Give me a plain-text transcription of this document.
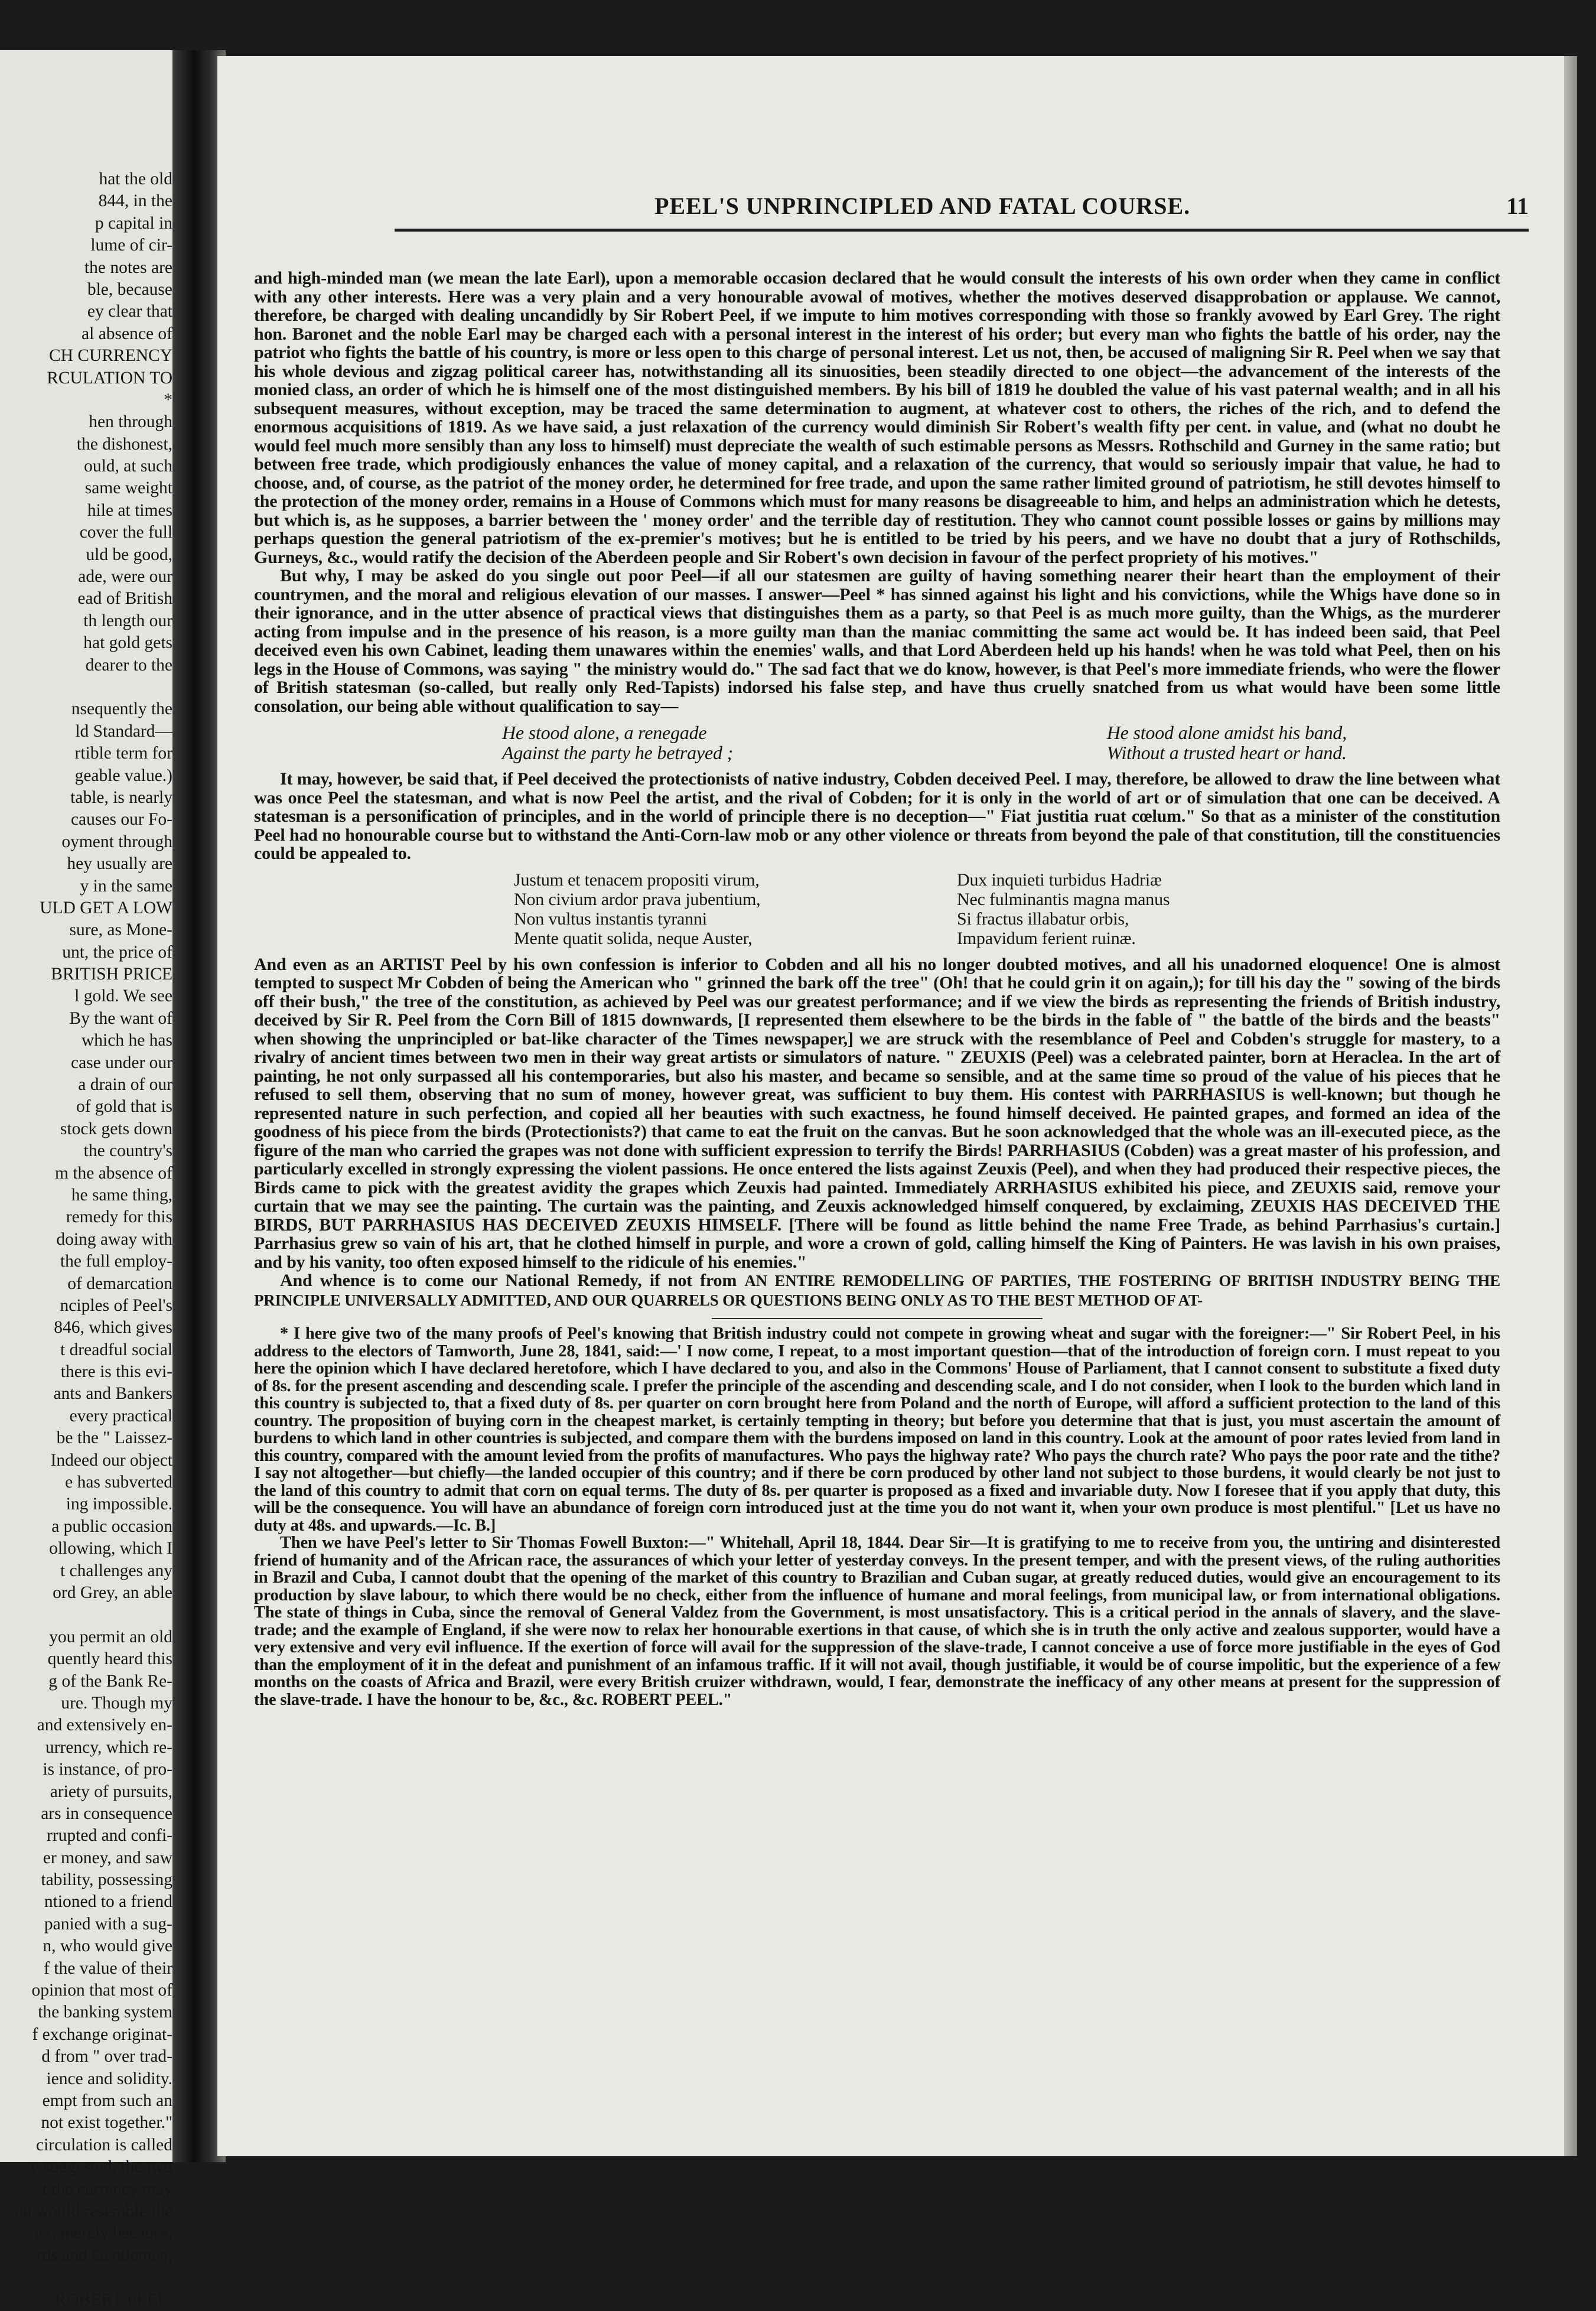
hat the old
844, in the
p capital in
lume of cir-
the notes are
ble, because
ey clear that
al absence of
CH CURRENCY
RCULATION TO
*
hen through
the dishonest,
ould, at such
same weight
hile at times
cover the full
uld be good,
ade, were our
ead of British
th length our
hat gold gets
dearer to the
nsequently the
ld Standard—
rtible term for
geable value.)
table, is nearly
causes our Fo-
oyment through
hey usually are
y in the same
ULD GET A LOW
sure, as Mone-
unt, the price of
BRITISH PRICE
l gold. We see
By the want of
which he has
case under our
a drain of our
of gold that is
stock gets down
the country's
m the absence of
he same thing,
remedy for this
doing away with
the full employ-
of demarcation
nciples of Peel's
846, which gives
t dreadful social
there is this evi-
ants and Bankers
every practical
be the " Laissez-
Indeed our object
e has subverted
ing impossible.
a public occasion
ollowing, which I
t challenges any
ord Grey, an able
you permit an old
quently heard this
g of the Bank Re-
ure. Though my
and extensively en-
urrency, which re-
is instance, of pro-
ariety of pursuits,
ars in consequence
rrupted and confi-
er money, and saw
tability, possessing
ntioned to a friend
panied with a sug-
n, who would give
f the value of their
opinion that most of
the banking system
f exchange originat-
d from " over trad-
ience and solidity.
empt from such an
not exist together."
circulation is called
y suggested, the two
t the currency may
ou would resemble the
ict, merely because,
rds and Gentlemen,
ROBERT PEEL.
PEEL'S UNPRINCIPLED AND FATAL COURSE.	11

and high-minded man (we mean the late Earl), upon a memorable occasion declared that he would consult the interests of his own order when they came in conflict with any other interests. Here was a very plain and a very honourable avowal of motives, whether the motives deserved disapprobation or applause. We cannot, therefore, be charged with dealing uncandidly by Sir Robert Peel, if we impute to him motives corresponding with those so frankly avowed by Earl Grey. The right hon. Baronet and the noble Earl may be charged each with a personal interest in the interest of his order; but every man who fights the battle of his order, nay the patriot who fights the battle of his country, is more or less open to this charge of personal interest. Let us not, then, be accused of maligning Sir R. Peel when we say that his whole devious and zigzag political career has, notwithstanding all its sinuosities, been steadily directed to one object—the advancement of the interests of the monied class, an order of which he is himself one of the most distinguished members. By his bill of 1819 he doubled the value of his vast paternal wealth; and in all his subsequent measures, without exception, may be traced the same determination to augment, at whatever cost to others, the riches of the rich, and to defend the enormous acquisitions of 1819. As we have said, a just relaxation of the currency would diminish Sir Robert's wealth fifty per cent. in value, and (what no doubt he would feel much more sensibly than any loss to himself) must depreciate the wealth of such estimable persons as Messrs. Rothschild and Gurney in the same ratio; but between free trade, which prodigiously enhances the value of money capital, and a relaxation of the currency, that would so seriously impair that value, he had to choose, and, of course, as the patriot of the money order, he determined for free trade, and upon the same rather limited ground of patriotism, he still devotes himself to the protection of the money order, remains in a House of Commons which must for many reasons be disagreeable to him, and helps an administration which he detests, but which is, as he supposes, a barrier between the ' money order' and the terrible day of restitution. They who cannot count possible losses or gains by millions may perhaps question the general patriotism of the ex-premier's motives; but he is entitled to be tried by his peers, and we have no doubt that a jury of Rothschilds, Gurneys, &c., would ratify the decision of the Aberdeen people and Sir Robert's own decision in favour of the perfect propriety of his motives."

But why, I may be asked do you single out poor Peel—if all our statesmen are guilty of having something nearer their heart than the employment of their countrymen, and the moral and religious elevation of our masses. I answer—Peel * has sinned against his light and his convictions, while the Whigs have done so in their ignorance, and in the utter absence of practical views that distinguishes them as a party, so that Peel is as much more guilty, than the Whigs, as the murderer acting from impulse and in the presence of his reason, is a more guilty man than the maniac committing the same act would be. It has indeed been said, that Peel deceived even his own Cabinet, leading them unawares within the enemies' walls, and that Lord Aberdeen held up his hands! when he was told what Peel, then on his legs in the House of Commons, was saying " the ministry would do." The sad fact that we do know, however, is that Peel's more immediate friends, who were the flower of British statesman (so-called, but really only Red-Tapists) indorsed his false step, and have thus cruelly snatched from us what would have been some little consolation, our being able without qualification to say—

He stood alone, a renegade
Against the party he betrayed ;
He stood alone amidst his band,
Without a trusted heart or hand.

It may, however, be said that, if Peel deceived the protectionists of native industry, Cobden deceived Peel. I may, therefore, be allowed to draw the line between what was once Peel the statesman, and what is now Peel the artist, and the rival of Cobden; for it is only in the world of art or of simulation that one can be deceived. A statesman is a personification of principles, and in the world of principle there is no deception—" Fiat justitia ruat cœlum." So that as a minister of the constitution Peel had no honourable course but to withstand the Anti-Corn-law mob or any other violence or threats from beyond the pale of that constitution, till the constituencies could be appealed to.

Justum et tenacem propositi virum,	Dux inquieti turbidus Hadriæ
Non civium ardor prava jubentium,	Nec fulminantis magna manus
Non vultus instantis tyranni	Si fractus illabatur orbis,
Mente quatit solida, neque Auster,	Impavidum ferient ruinæ.

And even as an ARTIST Peel by his own confession is inferior to Cobden and all his no longer doubted motives, and all his unadorned eloquence! One is almost tempted to suspect Mr Cobden of being the American who " grinned the bark off the tree" (Oh! that he could grin it on again,); for till his day the " sowing of the birds off their bush," the tree of the constitution, as achieved by Peel was our greatest performance; and if we view the birds as representing the friends of British industry, deceived by Sir R. Peel from the Corn Bill of 1815 downwards, [I represented them elsewhere to be the birds in the fable of " the battle of the birds and the beasts" when showing the unprincipled or bat-like character of the Times newspaper,] we are struck with the resemblance of Peel and Cobden's struggle for mastery, to a rivalry of ancient times between two men in their way great artists or simulators of nature. " ZEUXIS (Peel) was a celebrated painter, born at Heraclea. In the art of painting, he not only surpassed all his contemporaries, but also his master, and became so sensible, and at the same time so proud of the value of his pieces that he refused to sell them, observing that no sum of money, however great, was sufficient to buy them. His contest with PARRHASIUS is well-known; but though he represented nature in such perfection, and copied all her beauties with such exactness, he found himself deceived. He painted grapes, and formed an idea of the goodness of his piece from the birds (Protectionists?) that came to eat the fruit on the canvas. But he soon acknowledged that the whole was an ill-executed piece, as the figure of the man who carried the grapes was not done with sufficient expression to terrify the Birds! PARRHASIUS (Cobden) was a great master of his profession, and particularly excelled in strongly expressing the violent passions. He once entered the lists against Zeuxis (Peel), and when they had produced their respective pieces, the Birds came to pick with the greatest avidity the grapes which Zeuxis had painted. Immediately ARRHASIUS exhibited his piece, and ZEUXIS said, remove your curtain that we may see the painting. The curtain was the painting, and Zeuxis acknowledged himself conquered, by exclaiming, ZEUXIS HAS DECEIVED THE BIRDS, BUT PARRHASIUS HAS DECEIVED ZEUXIS HIMSELF. [There will be found as little behind the name Free Trade, as behind Parrhasius's curtain.] Parrhasius grew so vain of his art, that he clothed himself in purple, and wore a crown of gold, calling himself the King of Painters. He was lavish in his own praises, and by his vanity, too often exposed himself to the ridicule of his enemies."

And whence is to come our National Remedy, if not from AN ENTIRE REMODELLING OF PARTIES, THE FOSTERING OF BRITISH INDUSTRY BEING THE PRINCIPLE UNIVERSALLY ADMITTED, AND OUR QUARRELS OR QUESTIONS BEING ONLY AS TO THE BEST METHOD OF AT-

* I here give two of the many proofs of Peel's knowing that British industry could not compete in growing wheat and sugar with the foreigner:—" Sir Robert Peel, in his address to the electors of Tamworth, June 28, 1841, said:—' I now come, I repeat, to a most important question—that of the introduction of foreign corn. I must repeat to you here the opinion which I have declared heretofore, which I have declared to you, and also in the Commons' House of Parliament, that I cannot consent to substitute a fixed duty of 8s. for the present ascending and descending scale. I prefer the principle of the ascending and descending scale, and I do not consider, when I look to the burden which land in this country is subjected to, that a fixed duty of 8s. per quarter on corn brought here from Poland and the north of Europe, will afford a sufficient protection to the land of this country. The proposition of buying corn in the cheapest market, is certainly tempting in theory; but before you determine that that is just, you must ascertain the amount of burdens to which land in other countries is subjected, and compare them with the burdens imposed on land in this country. Look at the amount of poor rates levied from land in this country, compared with the amount levied from the profits of manufactures. Who pays the highway rate? Who pays the church rate? Who pays the poor rate and the tithe? I say not altogether—but chiefly—the landed occupier of this country; and if there be corn produced by other land not subject to those burdens, it would clearly be not just to the land of this country to admit that corn on equal terms. The duty of 8s. per quarter is proposed as a fixed and invariable duty. Now I foresee that if you apply that duty, this will be the consequence. You will have an abundance of foreign corn introduced just at the time you do not want it, when your own produce is most plentiful." [Let us have no duty at 48s. and upwards.—Ic. B.]

Then we have Peel's letter to Sir Thomas Fowell Buxton:—" Whitehall, April 18, 1844. Dear Sir—It is gratifying to me to receive from you, the untiring and disinterested friend of humanity and of the African race, the assurances of which your letter of yesterday conveys. In the present temper, and with the present views, of the ruling authorities in Brazil and Cuba, I cannot doubt that the opening of the market of this country to Brazilian and Cuban sugar, at greatly reduced duties, would give an encouragement to its production by slave labour, to which there would be no check, either from the influence of humane and moral feelings, from municipal law, or from international obligations. The state of things in Cuba, since the removal of General Valdez from the Government, is most unsatisfactory. This is a critical period in the annals of slavery, and the slave-trade; and the example of England, if she were now to relax her honourable exertions in that cause, of which she is in truth the only active and zealous supporter, would have a very extensive and very evil influence. If the exertion of force will avail for the suppression of the slave-trade, I cannot conceive a use of force more justifiable in the eyes of God than the employment of it in the defeat and punishment of an infamous traffic. If it will not avail, though justifiable, it would be of course impolitic, but the experience of a few months on the coasts of Africa and Brazil, were every British cruizer withdrawn, would, I fear, demonstrate the inefficacy of any other means at present for the suppression of the slave-trade. I have the honour to be, &c., &c. ROBERT PEEL."
